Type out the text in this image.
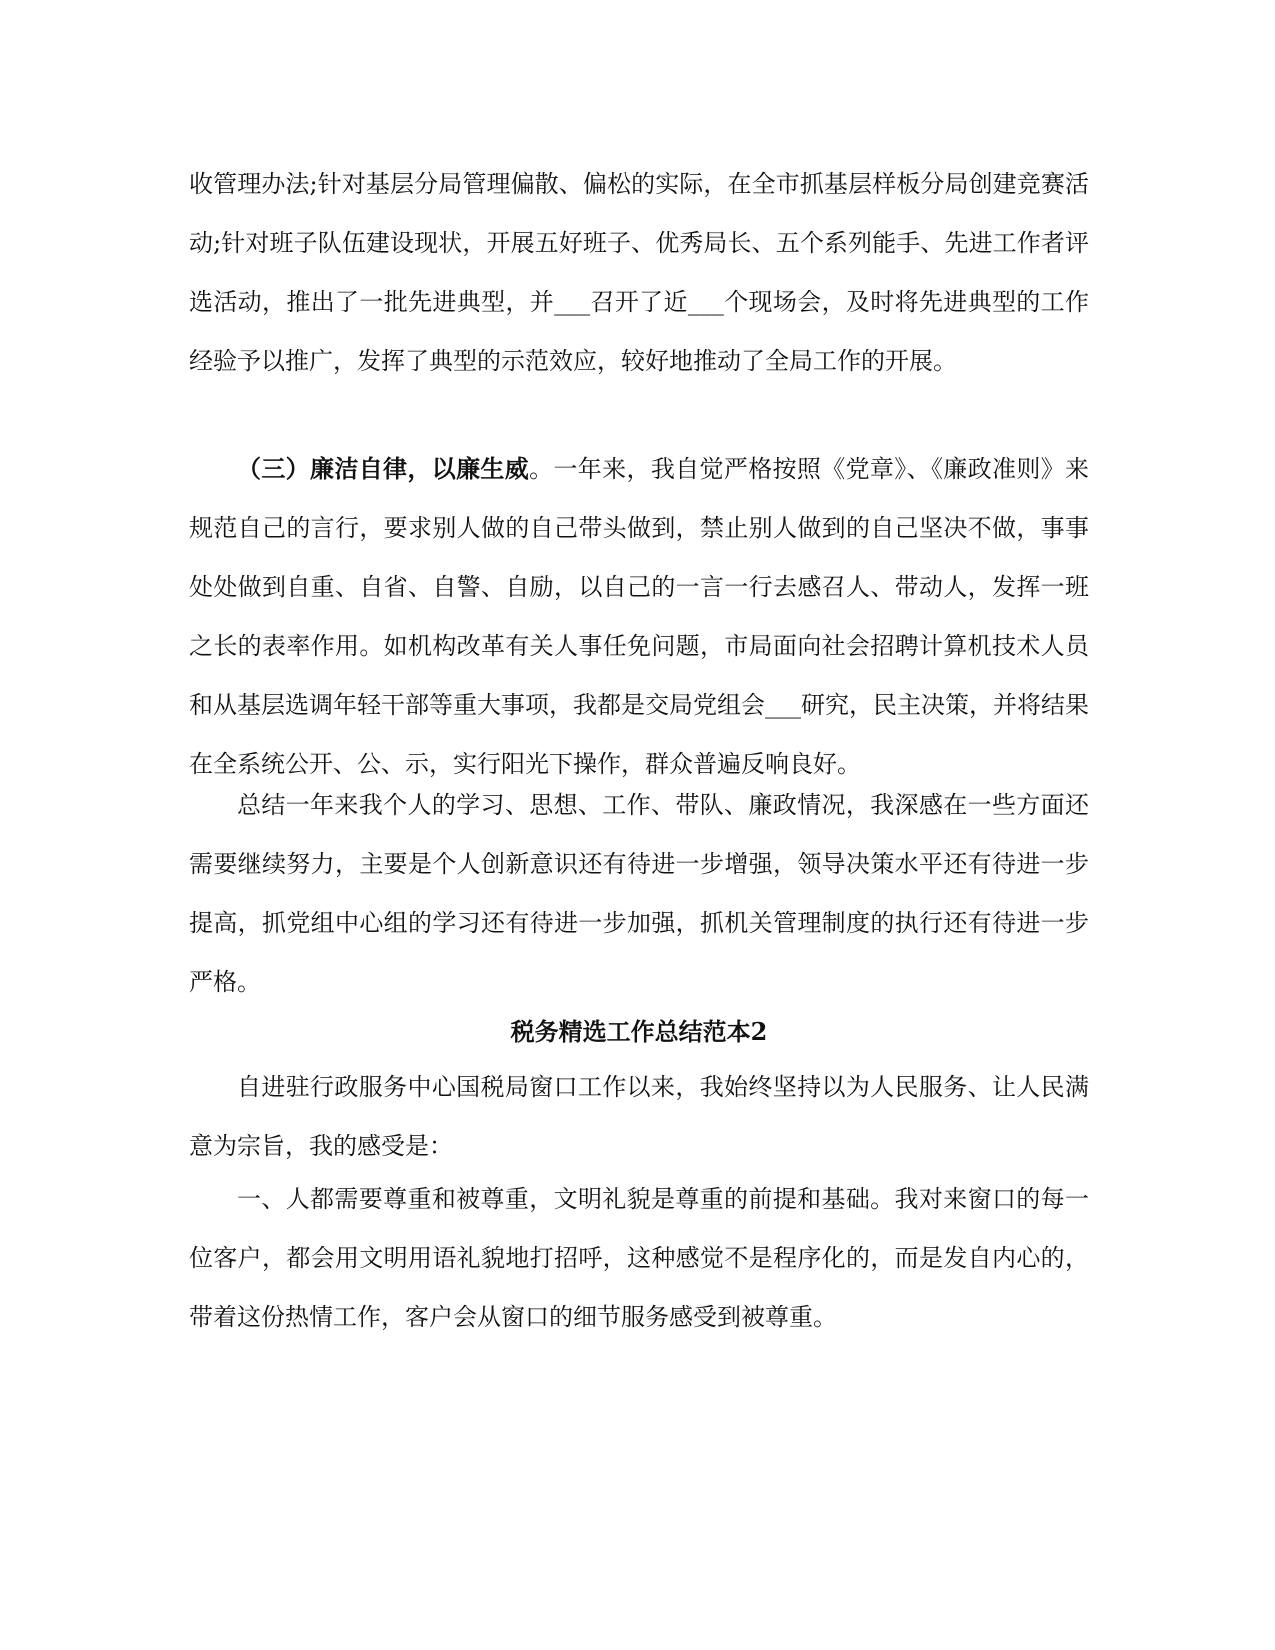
收管理办法;针对基层分局管理偏散、偏松的实际，在全市抓基层样板分局创建竞赛活动;针对班子队伍建设现状，开展五好班子、优秀局长、五个系列能手、先进工作者评选活动，推出了一批先进典型，并___召开了近___个现场会，及时将先进典型的工作经验予以推广，发挥了典型的示范效应，较好地推动了全局工作的开展。

（三）廉洁自律，以廉生威。一年来，我自觉严格按照《党章》、《廉政准则》来规范自己的言行，要求别人做的自己带头做到，禁止别人做到的自己坚决不做，事事处处做到自重、自省、自警、自励，以自己的一言一行去感召人、带动人，发挥一班之长的表率作用。如机构改革有关人事任免问题，市局面向社会招聘计算机技术人员和从基层选调年轻干部等重大事项，我都是交局党组会___研究，民主决策，并将结果在全系统公开、公、示，实行阳光下操作，群众普遍反响良好。

总结一年来我个人的学习、思想、工作、带队、廉政情况，我深感在一些方面还需要继续努力，主要是个人创新意识还有待进一步增强，领导决策水平还有待进一步提高，抓党组中心组的学习还有待进一步加强，抓机关管理制度的执行还有待进一步严格。

税务精选工作总结范本2

自进驻行政服务中心国税局窗口工作以来，我始终坚持以为人民服务、让人民满意为宗旨，我的感受是：

一、人都需要尊重和被尊重，文明礼貌是尊重的前提和基础。我对来窗口的每一位客户，都会用文明用语礼貌地打招呼，这种感觉不是程序化的，而是发自内心的，带着这份热情工作，客户会从窗口的细节服务感受到被尊重。
